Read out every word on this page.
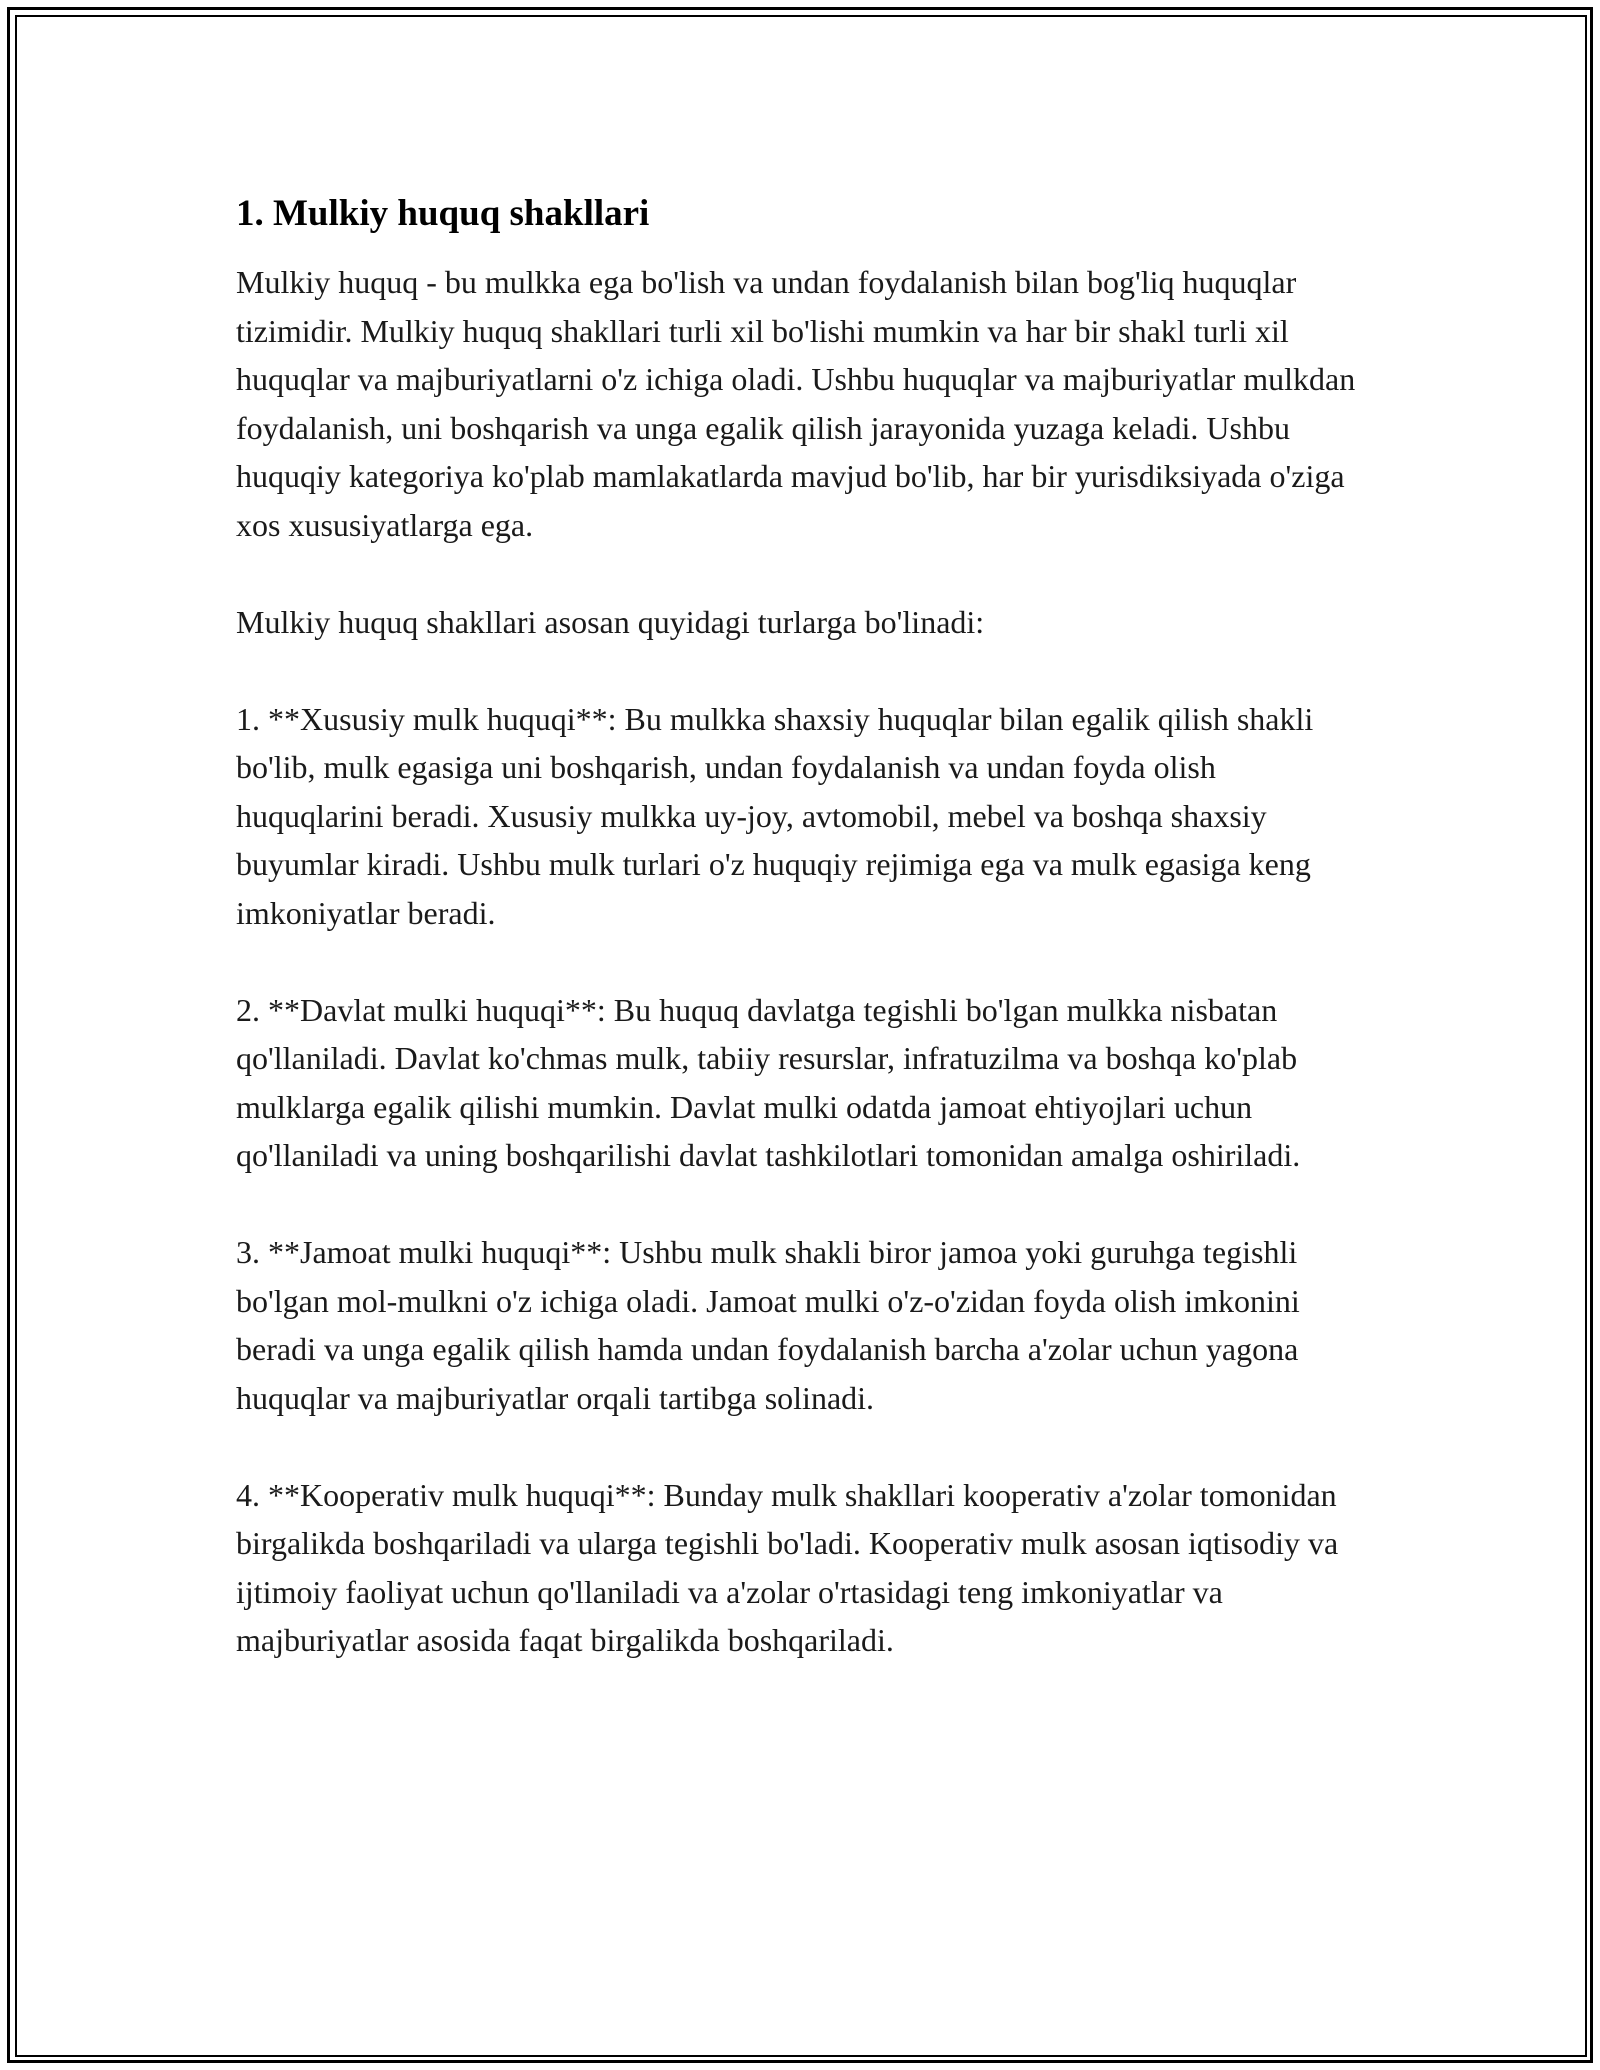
1. Mulkiy huquq shakllari

Mulkiy huquq - bu mulkka ega bo'lish va undan foydalanish bilan bog'liq huquqlar tizimidir. Mulkiy huquq shakllari turli xil bo'lishi mumkin va har bir shakl turli xil huquqlar va majburiyatlarni o'z ichiga oladi. Ushbu huquqlar va majburiyatlar mulkdan foydalanish, uni boshqarish va unga egalik qilish jarayonida yuzaga keladi. Ushbu huquqiy kategoriya ko'plab mamlakatlarda mavjud bo'lib, har bir yurisdiksiyada o'ziga xos xususiyatlarga ega.

Mulkiy huquq shakllari asosan quyidagi turlarga bo'linadi:

1. **Xususiy mulk huquqi**: Bu mulkka shaxsiy huquqlar bilan egalik qilish shakli bo'lib, mulk egasiga uni boshqarish, undan foydalanish va undan foyda olish huquqlarini beradi. Xususiy mulkka uy-joy, avtomobil, mebel va boshqa shaxsiy buyumlar kiradi. Ushbu mulk turlari o'z huquqiy rejimiga ega va mulk egasiga keng imkoniyatlar beradi.

2. **Davlat mulki huquqi**: Bu huquq davlatga tegishli bo'lgan mulkka nisbatan qo'llaniladi. Davlat ko'chmas mulk, tabiiy resurslar, infratuzilma va boshqa ko'plab mulklarga egalik qilishi mumkin. Davlat mulki odatda jamoat ehtiyojlari uchun qo'llaniladi va uning boshqarilishi davlat tashkilotlari tomonidan amalga oshiriladi.

3. **Jamoat mulki huquqi**: Ushbu mulk shakli biror jamoa yoki guruhga tegishli bo'lgan mol-mulkni o'z ichiga oladi. Jamoat mulki o'z-o'zidan foyda olish imkonini beradi va unga egalik qilish hamda undan foydalanish barcha a'zolar uchun yagona huquqlar va majburiyatlar orqali tartibga solinadi.

4. **Kooperativ mulk huquqi**: Bunday mulk shakllari kooperativ a'zolar tomonidan birgalikda boshqariladi va ularga tegishli bo'ladi. Kooperativ mulk asosan iqtisodiy va ijtimoiy faoliyat uchun qo'llaniladi va a'zolar o'rtasidagi teng imkoniyatlar va majburiyatlar asosida faqat birgalikda boshqariladi.
